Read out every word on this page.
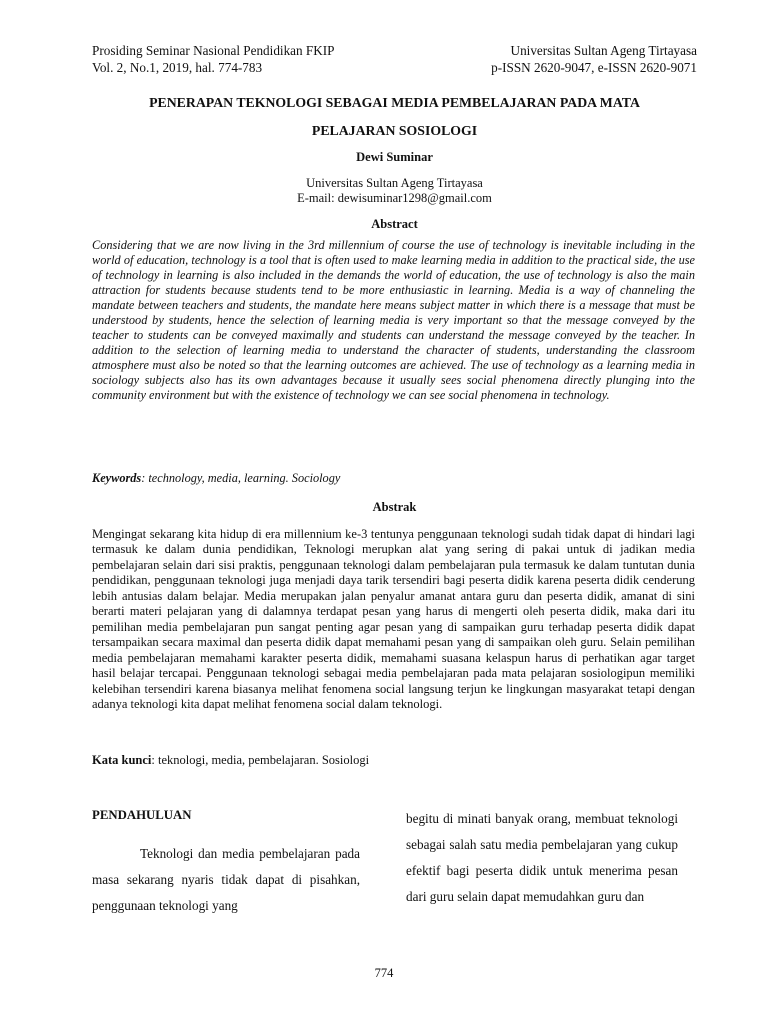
Prosiding Seminar Nasional Pendidikan FKIP	Universitas Sultan Ageng Tirtayasa
Vol. 2, No.1, 2019, hal. 774-783	p-ISSN 2620-9047, e-ISSN 2620-9071
PENERAPAN TEKNOLOGI SEBAGAI MEDIA PEMBELAJARAN PADA MATA
PELAJARAN SOSIOLOGI
Dewi Suminar
Universitas Sultan Ageng Tirtayasa
E-mail: dewisuminar1298@gmail.com
Abstract

Considering that we are now living in the 3rd millennium of course the use of technology is inevitable including in the world of education, technology is a tool that is often used to make learning media in addition to the practical side, the use of technology in learning is also included in the demands the world of education, the use of technology is also the main attraction for students because students tend to be more enthusiastic in learning. Media is a way of channeling the mandate between teachers and students, the mandate here means subject matter in which there is a message that must be understood by students, hence the selection of learning media is very important so that the message conveyed by the teacher to students can be conveyed maximally and students can understand the message conveyed by the teacher. In addition to the selection of learning media to understand the character of students, understanding the classroom atmosphere must also be noted so that the learning outcomes are achieved. The use of technology as a learning media in sociology subjects also has its own advantages because it usually sees social phenomena directly plunging into the community environment but with the existence of technology we can see social phenomena in technology.

Keywords: technology, media, learning. Sociology

Abstrak

Mengingat sekarang kita hidup di era millennium ke-3 tentunya penggunaan teknologi sudah tidak dapat di hindari lagi termasuk ke dalam dunia pendidikan, Teknologi merupkan alat yang sering di pakai untuk di jadikan media pembelajaran selain dari sisi praktis, penggunaan teknologi dalam pembelajaran pula termasuk ke dalam tuntutan dunia pendidikan, penggunaan teknologi juga menjadi daya tarik tersendiri bagi peserta didik karena peserta didik cenderung lebih antusias dalam belajar. Media merupakan jalan penyalur amanat antara guru dan peserta didik, amanat di sini berarti materi pelajaran yang di dalamnya terdapat pesan yang harus di mengerti oleh peserta didik, maka dari itu pemilihan media pembelajaran pun sangat penting agar pesan yang di sampaikan guru terhadap peserta didik dapat tersampaikan secara maximal dan peserta didik dapat memahami pesan yang di sampaikan oleh guru. Selain pemilihan media pembelajaran memahami karakter peserta didik, memahami suasana kelaspun harus di perhatikan agar target hasil belajar tercapai. Penggunaan teknologi sebagai media pembelajaran pada mata pelajaran sosiologipun memiliki kelebihan tersendiri karena biasanya melihat fenomena social langsung terjun ke lingkungan masyarakat tetapi dengan adanya teknologi kita dapat melihat fenomena social dalam teknologi.

Kata kunci: teknologi, media, pembelajaran. Sosiologi

PENDAHULUAN

Teknologi dan media pembelajaran pada masa sekarang nyaris tidak dapat di pisahkan, penggunaan teknologi yang

begitu di minati banyak orang, membuat teknologi sebagai salah satu media pembelajaran yang cukup efektif bagi peserta didik untuk menerima pesan dari guru selain dapat memudahkan guru dan

774
